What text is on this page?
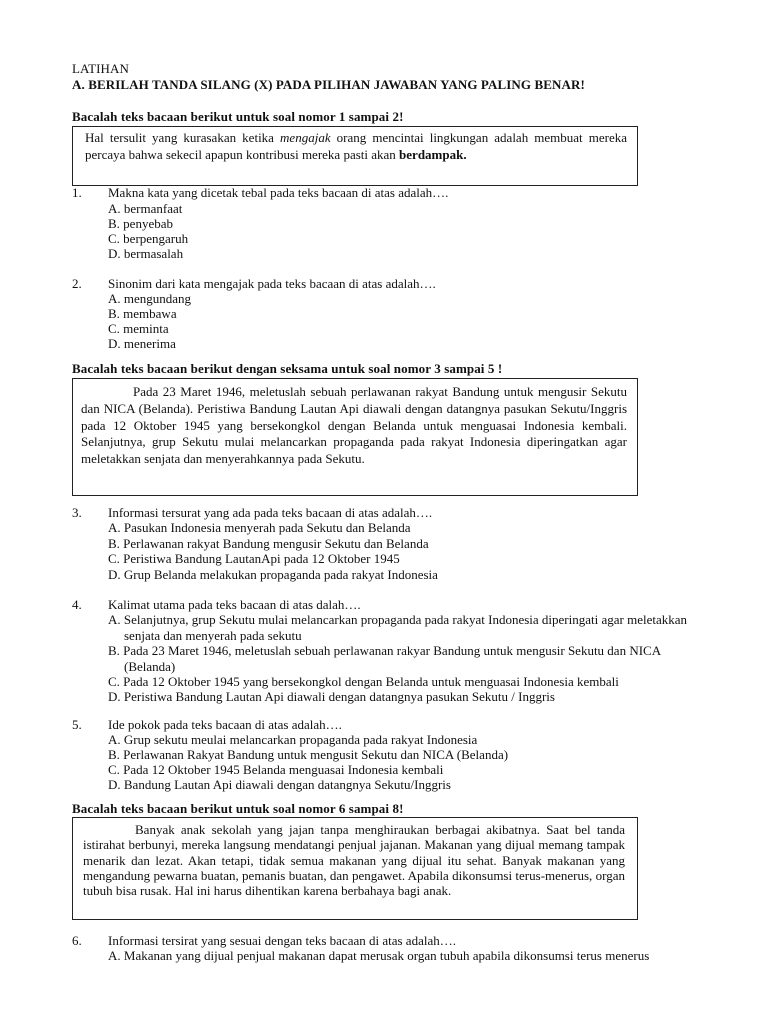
LATIHAN
A. BERILAH TANDA SILANG (X) PADA PILIHAN JAWABAN YANG PALING BENAR!
Bacalah teks bacaan berikut untuk soal nomor 1 sampai 2!

Hal tersulit yang kurasakan ketika mengajak orang mencintai lingkungan adalah membuat mereka percaya bahwa sekecil apapun kontribusi mereka pasti akan berdampak.

1.	Makna kata yang dicetak tebal pada teks bacaan di atas adalah….
A. bermanfaat
B. penyebab
C. berpengaruh
D. bermasalah
2.	Sinonim dari kata mengajak pada teks bacaan di atas adalah….
A. mengundang
B. membawa
C. meminta
D. menerima
Bacalah teks bacaan berikut dengan seksama untuk soal nomor 3 sampai 5 !

Pada 23 Maret 1946, meletuslah sebuah perlawanan rakyat Bandung untuk mengusir Sekutu dan NICA (Belanda). Peristiwa Bandung Lautan Api diawali dengan datangnya pasukan Sekutu/Inggris pada 12 Oktober 1945 yang bersekongkol dengan Belanda untuk menguasai Indonesia kembali. Selanjutnya, grup Sekutu mulai melancarkan propaganda pada rakyat Indonesia diperingatkan agar meletakkan senjata dan menyerahkannya pada Sekutu.

3.	Informasi tersurat yang ada pada teks bacaan di atas adalah….
A. Pasukan Indonesia menyerah pada Sekutu dan Belanda
B. Perlawanan rakyat Bandung mengusir Sekutu dan Belanda
C. Peristiwa Bandung LautanApi pada 12 Oktober 1945
D. Grup Belanda melakukan propaganda pada rakyat Indonesia
4.	Kalimat utama pada teks bacaan di atas dalah….
A. Selanjutnya, grup Sekutu mulai melancarkan propaganda pada rakyat Indonesia diperingati agar meletakkan senjata dan menyerah pada sekutu
B. Pada 23 Maret 1946, meletuslah sebuah perlawanan rakyar Bandung untuk mengusir Sekutu dan NICA (Belanda)
C. Pada 12 Oktober 1945 yang bersekongkol dengan Belanda untuk menguasai Indonesia kembali
D. Peristiwa Bandung Lautan Api diawali dengan datangnya pasukan Sekutu / Inggris
5.	Ide pokok pada teks bacaan di atas adalah….
A. Grup sekutu meulai melancarkan propaganda pada rakyat Indonesia
B. Perlawanan Rakyat Bandung untuk mengusit Sekutu dan NICA (Belanda)
C. Pada 12 Oktober 1945 Belanda menguasai Indonesia kembali
D. Bandung Lautan Api diawali dengan datangnya Sekutu/Inggris
Bacalah teks bacaan berikut untuk soal nomor 6 sampai 8!

Banyak anak sekolah yang jajan tanpa menghiraukan berbagai akibatnya. Saat bel tanda istirahat berbunyi, mereka langsung mendatangi penjual jajanan. Makanan yang dijual memang tampak menarik dan lezat. Akan tetapi, tidak semua makanan yang dijual itu sehat. Banyak makanan yang mengandung pewarna buatan, pemanis buatan, dan pengawet. Apabila dikonsumsi terus-menerus, organ tubuh bisa rusak. Hal ini harus dihentikan karena berbahaya bagi anak.

6.	Informasi tersirat yang sesuai dengan teks bacaan di atas adalah….
A. Makanan yang dijual penjual makanan dapat merusak organ tubuh apabila dikonsumsi terus menerus
